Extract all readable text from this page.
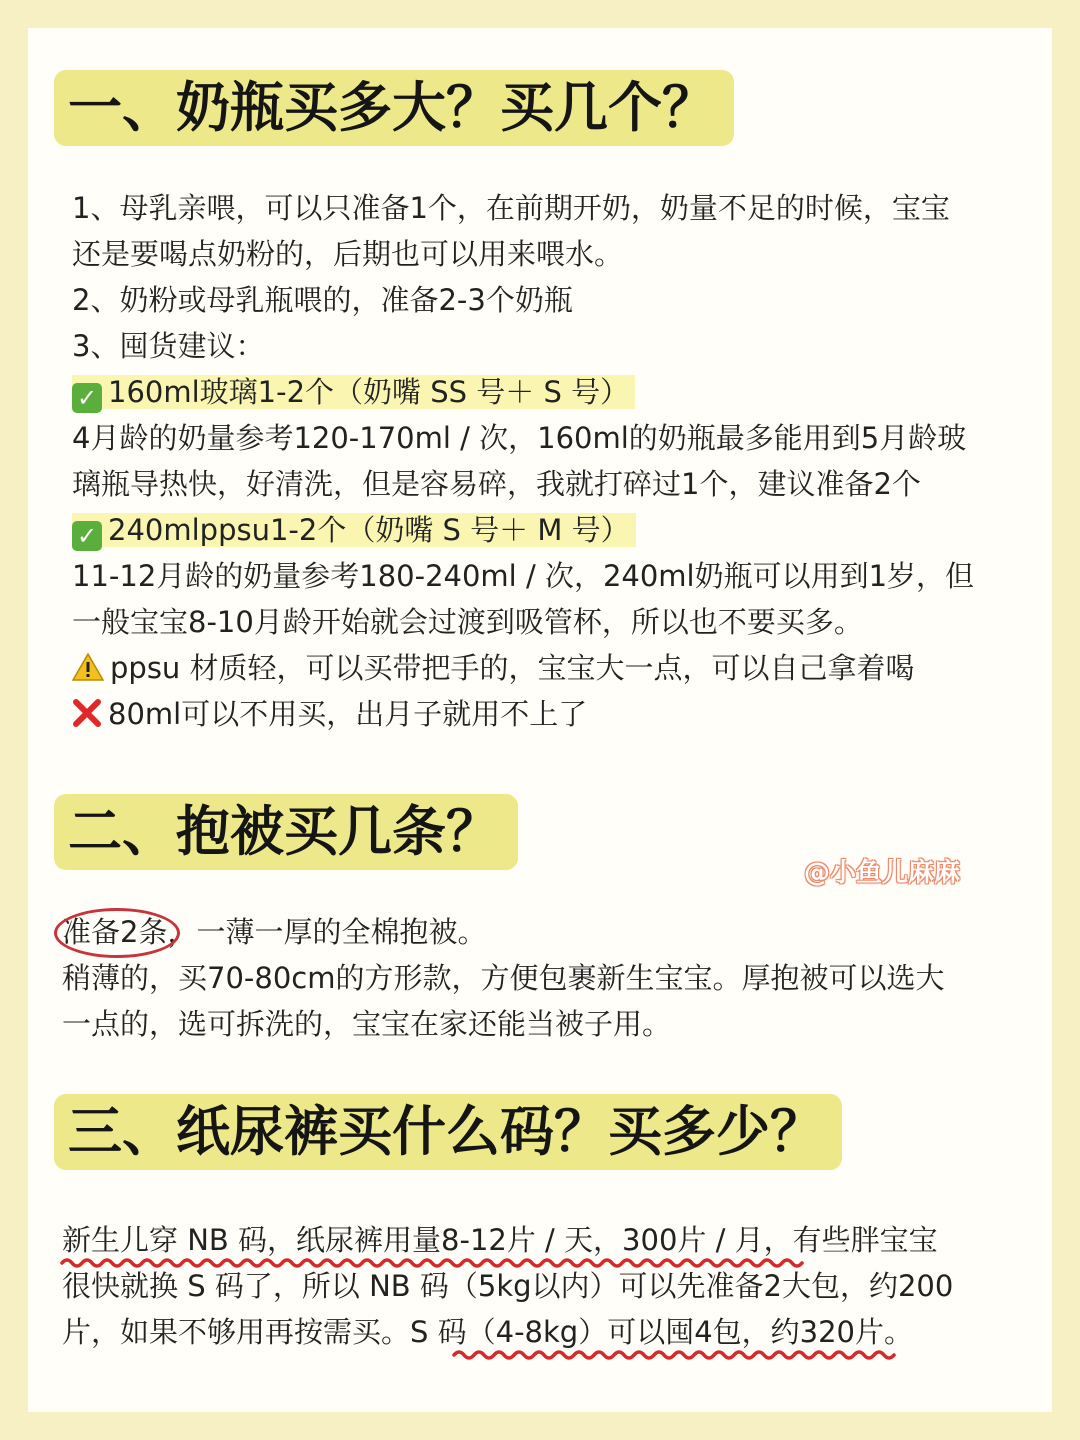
一、奶瓶买多大？买几个？
1、母乳亲喂，可以只准备1个，在前期开奶，奶量不足的时候，宝宝
还是要喝点奶粉的，后期也可以用来喂水。
2、奶粉或母乳瓶喂的，准备2-3个奶瓶
3、囤货建议：
✓ 160ml玻璃1-2个（奶嘴 SS 号＋ S 号）
4月龄的奶量参考120-170ml / 次，160ml的奶瓶最多能用到5月龄玻
璃瓶导热快，好清洗，但是容易碎，我就打碎过1个，建议准备2个
✓ 240mlppsu1-2个（奶嘴 S 号＋ M 号）
11-12月龄的奶量参考180-240ml / 次，240ml奶瓶可以用到1岁，但
一般宝宝8-10月龄开始就会过渡到吸管杯，所以也不要买多。
ppsu 材质轻，可以买带把手的，宝宝大一点，可以自己拿着喝
80ml可以不用买，出月子就用不上了
二、抱被买几条？
@小鱼儿麻麻
准备2条，一薄一厚的全棉抱被。
稍薄的，买70-80cm的方形款，方便包裹新生宝宝。厚抱被可以选大
一点的，选可拆洗的，宝宝在家还能当被子用。
三、纸尿裤买什么码？买多少？
新生儿穿 NB 码，纸尿裤用量8-12片 / 天，300片 / 月，有些胖宝宝
很快就换 S 码了，所以 NB 码（5kg以内）可以先准备2大包，约200
片，如果不够用再按需买。S 码（4-8kg）可以囤4包，约320片。
